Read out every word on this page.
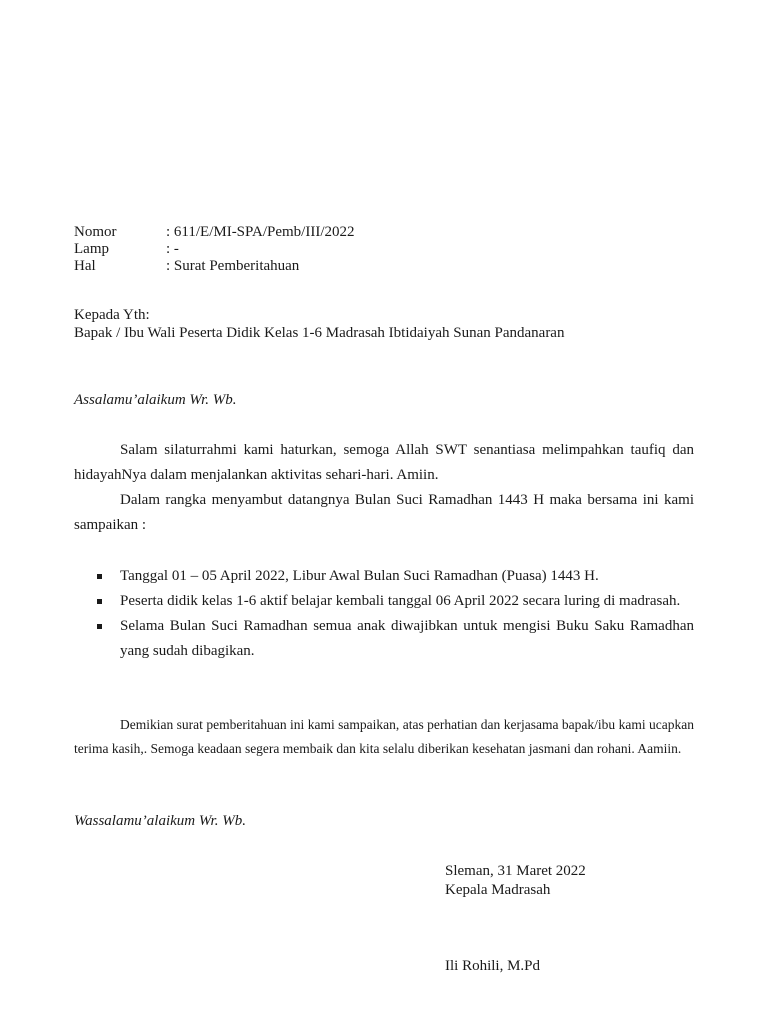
Nomor	: 611/E/MI-SPA/Pemb/III/2022
Lamp	: -
Hal	: Surat Pemberitahuan
Kepada Yth:
Bapak / Ibu Wali Peserta Didik Kelas 1-6 Madrasah Ibtidaiyah Sunan Pandanaran
Assalamu’alaikum Wr. Wb.
Salam silaturrahmi kami haturkan, semoga Allah SWT senantiasa melimpahkan taufiq dan hidayahNya dalam menjalankan aktivitas sehari-hari. Amiin.
Dalam rangka menyambut datangnya Bulan Suci Ramadhan 1443 H maka bersama ini kami sampaikan :
Tanggal 01 – 05 April 2022, Libur Awal Bulan Suci Ramadhan (Puasa) 1443 H.
Peserta didik kelas 1-6 aktif belajar kembali tanggal 06 April 2022 secara luring di madrasah.
Selama Bulan Suci Ramadhan semua anak diwajibkan untuk mengisi Buku Saku Ramadhan yang sudah dibagikan.
Demikian surat pemberitahuan ini kami sampaikan, atas perhatian dan kerjasama bapak/ibu kami ucapkan terima kasih,. Semoga keadaan segera membaik dan kita selalu diberikan kesehatan jasmani dan rohani. Aamiin.
Wassalamu’alaikum Wr. Wb.
Sleman, 31 Maret 2022
Kepala Madrasah
Ili Rohili, M.Pd
